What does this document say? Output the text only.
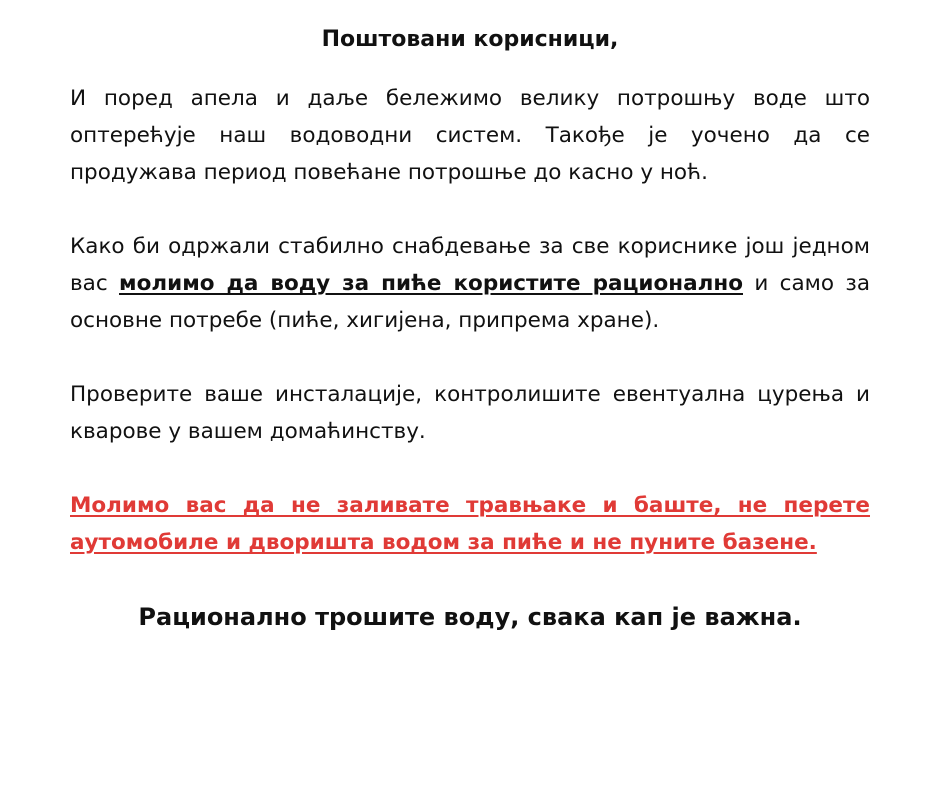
Поштовани корисници,

И поред апела и даље бележимо велику потрошњу воде што оптерећује наш водоводни систем. Такође је уочено да се продужава период повећане потрошње до касно у ноћ.

Како би одржали стабилно снабдевање за све кориснике још једном вас молимо да воду за пиће користите рационално и само за основне потребе (пиће, хигијена, припрема хране).

Проверите ваше инсталације, контролишите евентуална цурења и кварове у вашем домаћинству.

Молимо вас да не заливате травњаке и баште, не перете аутомобиле и дворишта водом за пиће и не пуните базене.

Рационално трошите воду, свака кап је важна.
